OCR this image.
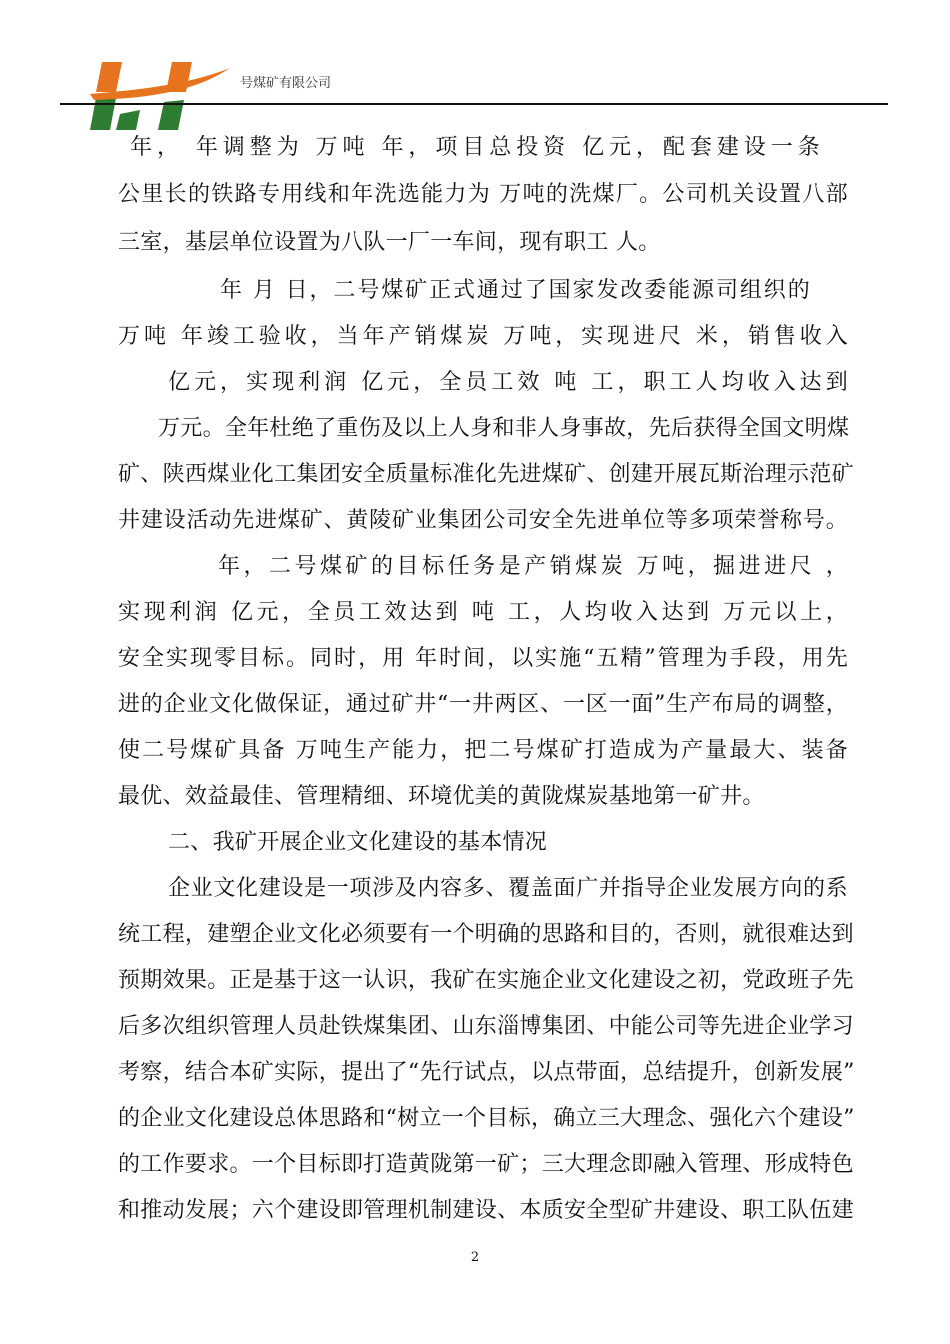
号煤矿有限公司
年， 年调整为 万吨 年，项目总投资 亿元，配套建设一条
公里长的铁路专用线和年洗选能力为 万吨的洗煤厂。公司机关设置八部
三室，基层单位设置为八队一厂一车间，现有职工 人。
年 月 日，二号煤矿正式通过了国家发改委能源司组织的
万吨 年竣工验收，当年产销煤炭 万吨，实现进尺 米，销售收入
亿元，实现利润 亿元，全员工效 吨 工，职工人均收入达到
万元。全年杜绝了重伤及以上人身和非人身事故，先后获得全国文明煤
矿、陕西煤业化工集团安全质量标准化先进煤矿、创建开展瓦斯治理示范矿
井建设活动先进煤矿、黄陵矿业集团公司安全先进单位等多项荣誉称号。
年，二号煤矿的目标任务是产销煤炭 万吨，掘进进尺 ，
实现利润 亿元，全员工效达到 吨 工，人均收入达到 万元以上，
安全实现零目标。同时，用 年时间，以实施“五精”管理为手段，用先
进的企业文化做保证，通过矿井“一井两区、一区一面”生产布局的调整，
使二号煤矿具备 万吨生产能力，把二号煤矿打造成为产量最大、装备
最优、效益最佳、管理精细、环境优美的黄陇煤炭基地第一矿井。
二、我矿开展企业文化建设的基本情况
企业文化建设是一项涉及内容多、覆盖面广并指导企业发展方向的系
统工程，建塑企业文化必须要有一个明确的思路和目的，否则，就很难达到
预期效果。正是基于这一认识，我矿在实施企业文化建设之初，党政班子先
后多次组织管理人员赴铁煤集团、山东淄博集团、中能公司等先进企业学习
考察，结合本矿实际，提出了“先行试点，以点带面，总结提升，创新发展”
的企业文化建设总体思路和“树立一个目标，确立三大理念、强化六个建设”
的工作要求。一个目标即打造黄陇第一矿；三大理念即融入管理、形成特色
和推动发展；六个建设即管理机制建设、本质安全型矿井建设、职工队伍建
2
